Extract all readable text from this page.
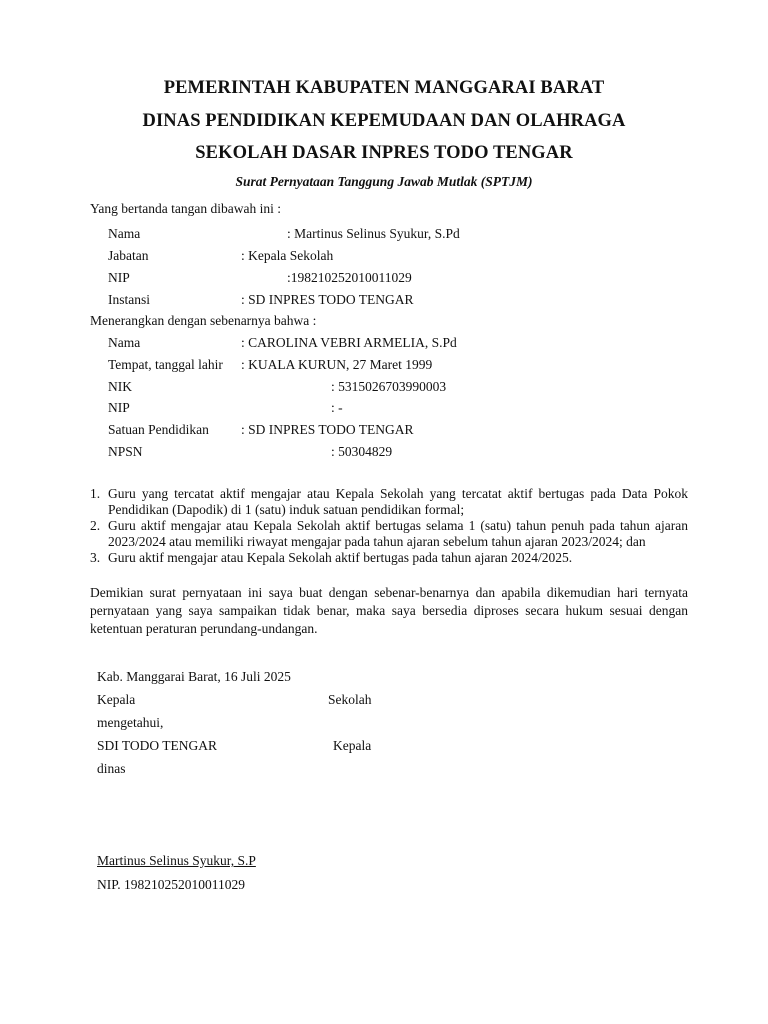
PEMERINTAH KABUPATEN MANGGARAI BARAT
DINAS PENDIDIKAN KEPEMUDAAN DAN OLAHRAGA
SEKOLAH DASAR INPRES TODO TENGAR
Surat Pernyataan Tanggung Jawab Mutlak (SPTJM)
Yang bertanda tangan dibawah ini :
Nama	: Martinus Selinus Syukur, S.Pd
Jabatan	: Kepala Sekolah
NIP	:198210252010011029
Instansi	: SD INPRES TODO TENGAR
Menerangkan dengan sebenarnya bahwa :
Nama	: CAROLINA VEBRI ARMELIA, S.Pd
Tempat, tanggal lahir : KUALA KURUN, 27 Maret 1999
NIK	: 5315026703990003
NIP	: -
Satuan Pendidikan : SD INPRES TODO TENGAR
NPSN	: 50304829
1. Guru yang tercatat aktif mengajar atau Kepala Sekolah yang tercatat aktif bertugas pada Data Pokok Pendidikan (Dapodik) di 1 (satu) induk satuan pendidikan formal;
2. Guru aktif mengajar atau Kepala Sekolah aktif bertugas selama 1 (satu) tahun penuh pada tahun ajaran 2023/2024 atau memiliki riwayat mengajar pada tahun ajaran sebelum tahun ajaran 2023/2024; dan
3. Guru aktif mengajar atau Kepala Sekolah aktif bertugas pada tahun ajaran 2024/2025.
Demikian surat pernyataan ini saya buat dengan sebenar-benarnya dan apabila dikemudian hari ternyata pernyataan yang saya sampaikan tidak benar, maka saya bersedia diproses secara hukum sesuai dengan ketentuan peraturan perundang-undangan.
Kab. Manggarai Barat, 16 Juli 2025
Kepala	Sekolah
mengetahui,
SDI TODO TENGAR	Kepala
dinas
Martinus Selinus Syukur, S.P
NIP. 198210252010011029
